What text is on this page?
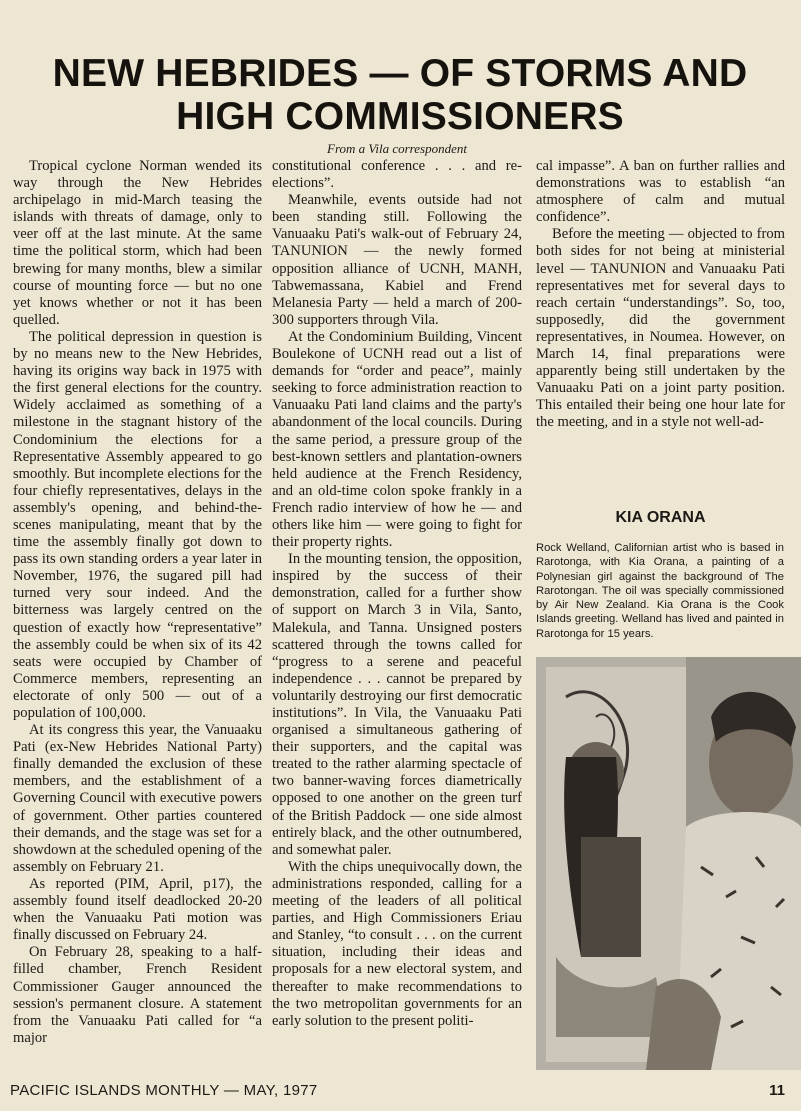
NEW HEBRIDES — OF STORMS AND HIGH COMMISSIONERS

From a Vila correspondent

Tropical cyclone Norman wended its way through the New Hebrides archipelago in mid-March teasing the islands with threats of damage, only to veer off at the last minute. At the same time the political storm, which had been brewing for many months, blew a similar course of mounting force — but no one yet knows whether or not it has been quelled.

The political depression in question is by no means new to the New Hebrides, having its origins way back in 1975 with the first general elections for the country. Widely acclaimed as something of a milestone in the stagnant history of the Condominium the elections for a Representative Assembly appeared to go smoothly. But incomplete elections for the four chiefly representatives, delays in the assembly's opening, and behind-the-scenes manipulating, meant that by the time the assembly finally got down to pass its own standing orders a year later in November, 1976, the sugared pill had turned very sour indeed. And the bitterness was largely centred on the question of exactly how “representative” the assembly could be when six of its 42 seats were occupied by Chamber of Commerce members, representing an electorate of only 500 — out of a population of 100,000.

At its congress this year, the Vanuaaku Pati (ex-New Hebrides National Party) finally demanded the exclusion of these members, and the establishment of a Governing Council with executive powers of government. Other parties countered their demands, and the stage was set for a showdown at the scheduled opening of the assembly on February 21.

As reported (PIM, April, p17), the assembly found itself deadlocked 20-20 when the Vanuaaku Pati motion was finally discussed on February 24.

On February 28, speaking to a half-filled chamber, French Resident Commissioner Gauger announced the session's permanent closure. A statement from the Vanuaaku Pati called for “a major

constitutional conference . . . and re-elections”.

Meanwhile, events outside had not been standing still. Following the Vanuaaku Pati's walk-out of February 24, TANUNION — the newly formed opposition alliance of UCNH, MANH, Tabwemassana, Kabiel and Frend Melanesia Party — held a march of 200-300 supporters through Vila.

At the Condominium Building, Vincent Boulekone of UCNH read out a list of demands for “order and peace”, mainly seeking to force administration reaction to Vanuaaku Pati land claims and the party's abandonment of the local councils. During the same period, a pressure group of the best-known settlers and plantation-owners held audience at the French Residency, and an old-time colon spoke frankly in a French radio interview of how he — and others like him — were going to fight for their property rights.

In the mounting tension, the opposition, inspired by the success of their demonstration, called for a further show of support on March 3 in Vila, Santo, Malekula, and Tanna. Unsigned posters scattered through the towns called for “progress to a serene and peaceful independence . . . cannot be prepared by voluntarily destroying our first democratic institutions”. In Vila, the Vanuaaku Pati organised a simultaneous gathering of their supporters, and the capital was treated to the rather alarming spectacle of two banner-waving forces diametrically opposed to one another on the green turf of the British Paddock — one side almost entirely black, and the other outnumbered, and somewhat paler.

With the chips unequivocally down, the administrations responded, calling for a meeting of the leaders of all political parties, and High Commissioners Eriau and Stanley, “to consult . . . on the current situation, including their ideas and proposals for a new electoral system, and thereafter to make recommendations to the two metropolitan governments for an early solution to the present politi-

cal impasse”. A ban on further rallies and demonstrations was to establish “an atmosphere of calm and mutual confidence”.

Before the meeting — objected to from both sides for not being at ministerial level — TANUNION and Vanuaaku Pati representatives met for several days to reach certain “understandings”. So, too, supposedly, did the government representatives, in Noumea. However, on March 14, final preparations were apparently being still undertaken by the Vanuaaku Pati on a joint party position. This entailed their being one hour late for the meeting, and in a style not well-ad-

KIA ORANA

Rock Welland, Californian artist who is based in Rarotonga, with Kia Orana, a painting of a Polynesian girl against the background of The Rarotongan. The oil was specially commissioned by Air New Zealand. Kia Orana is the Cook Islands greeting. Welland has lived and painted in Rarotonga for 15 years.

PACIFIC ISLANDS MONTHLY — MAY, 1977	11
